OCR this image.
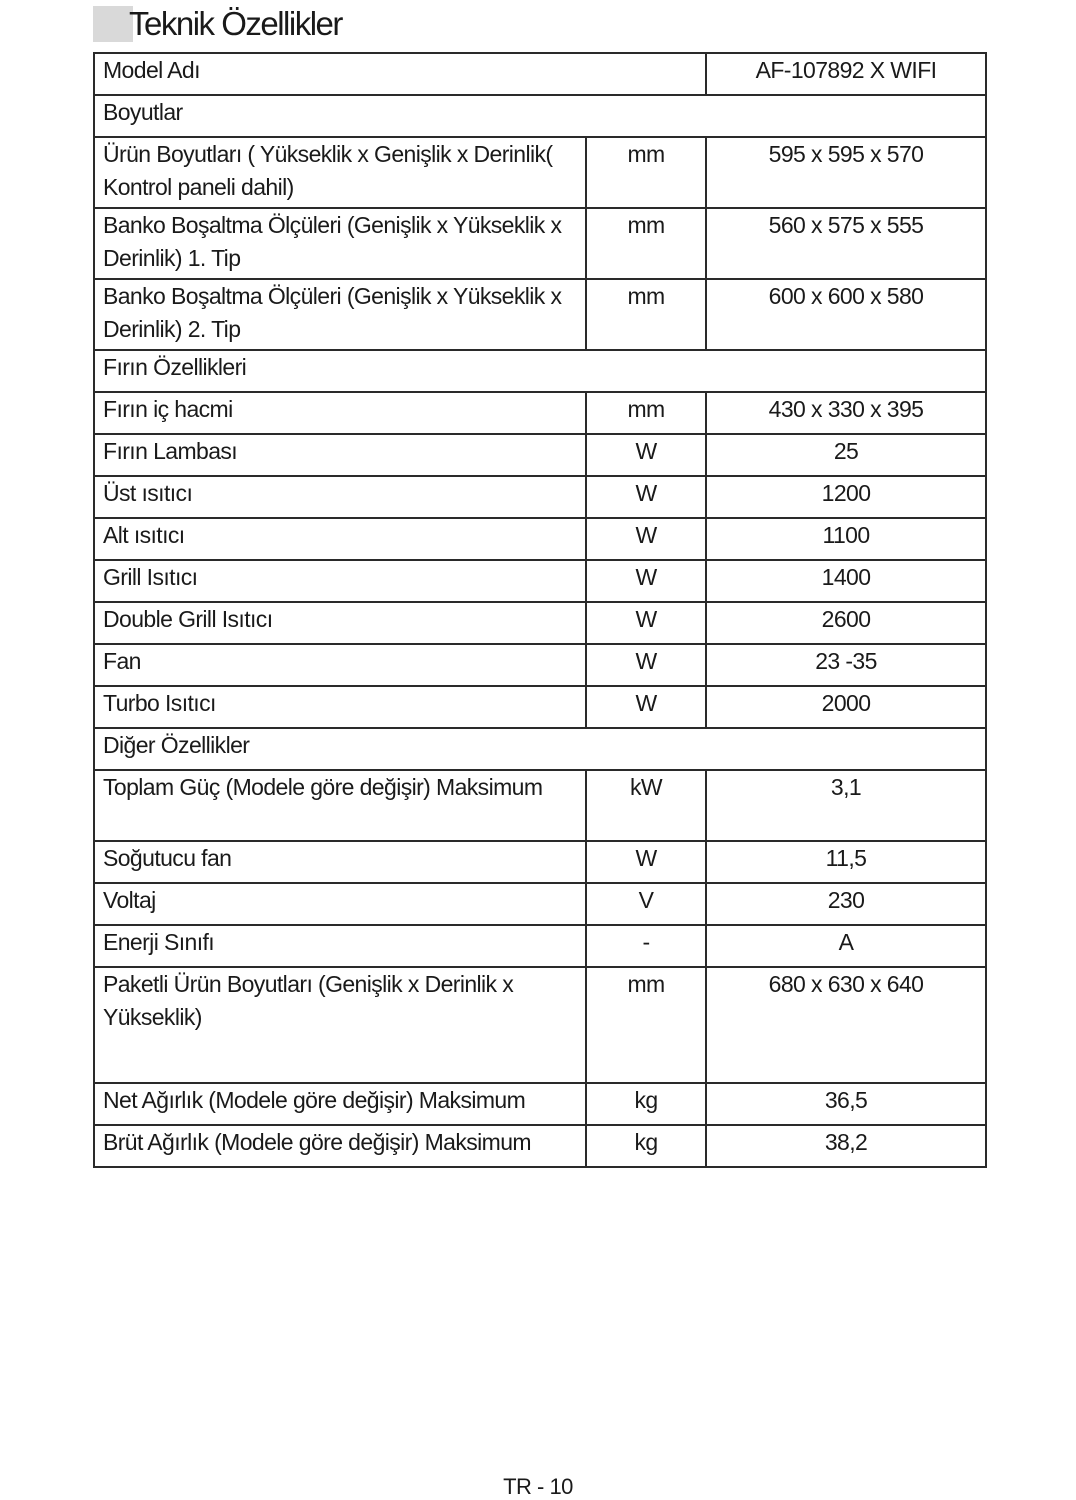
Teknik Özellikler
Model Adı		AF-107892 X WIFI
Boyutlar		
Ürün Boyutları ( Yükseklik x Genişlik x Derinlik( Kontrol paneli dahil)	mm	595 x 595 x 570
Banko Boşaltma Ölçüleri (Genişlik x Yükseklik x Derinlik) 1. Tip	mm	560 x 575 x 555
Banko Boşaltma Ölçüleri (Genişlik x Yükseklik x Derinlik) 2. Tip	mm	600 x 600 x 580
Fırın Özellikleri		
Fırın iç hacmi	mm	430 x 330 x 395
Fırın Lambası	W	25
Üst ısıtıcı	W	1200
Alt ısıtıcı	W	1100
Grill Isıtıcı	W	1400
Double Grill Isıtıcı	W	2600
Fan	W	23 -35
Turbo Isıtıcı	W	2000
Diğer Özellikler		
Toplam Güç (Modele göre değişir) Maksimum	kW	3,1
Soğutucu fan	W	11,5
Voltaj	V	230
Enerji Sınıfı	-	A
Paketli Ürün Boyutları (Genişlik x Derinlik x Yükseklik)	mm	680 x 630 x 640
Net Ağırlık (Modele göre değişir) Maksimum	kg	36,5
Brüt Ağırlık (Modele göre değişir) Maksimum	kg	38,2
TR - 10
